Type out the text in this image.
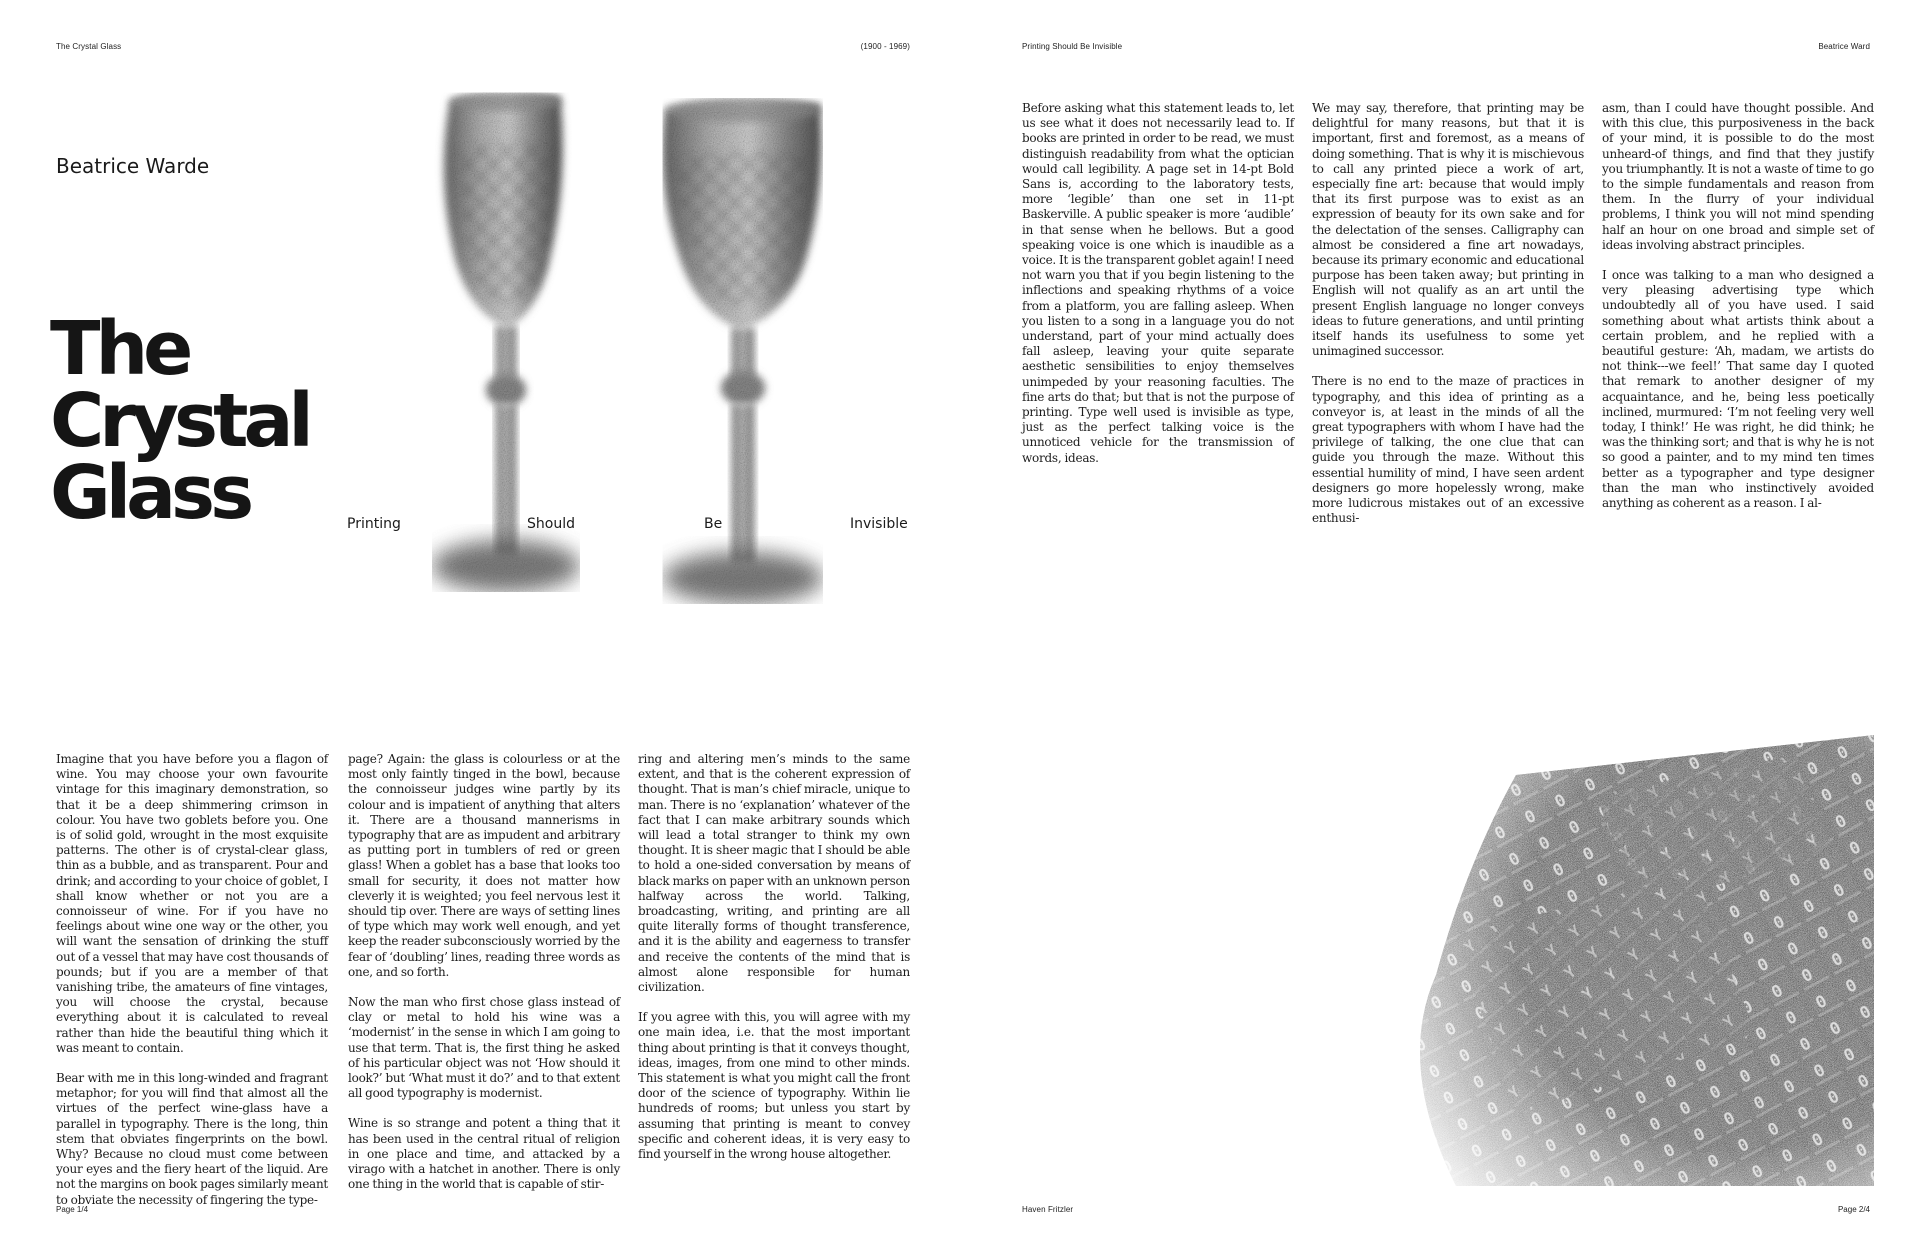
The Crystal Glass	(1900 - 1969)
Beatrice Warde
The
Crystal
Glass	Printing	Should	Be	Invisible

Imagine that you have before you a flagon of wine. You may choose your own favourite vintage for this imaginary demonstration, so that it be a deep shimmering crimson in colour. You have two goblets before you. One is of solid gold, wrought in the most exquisite patterns. The other is of crystal-clear glass, thin as a bubble, and as transparent. Pour and drink; and according to your choice of goblet, I shall know whether or not you are a connoisseur of wine. For if you have no feelings about wine one way or the other, you will want the sensation of drinking the stuff out of a vessel that may have cost thousands of pounds; but if you are a member of that vanishing tribe, the amateurs of fine vintages, you will choose the crystal, because everything about it is calculated to reveal rather than hide the beautiful thing which it was meant to contain.

Bear with me in this long-winded and fragrant metaphor; for you will find that almost all the virtues of the perfect wine-glass have a parallel in typography. There is the long, thin stem that obviates fingerprints on the bowl. Why? Because no cloud must come between your eyes and the fiery heart of the liquid. Are not the margins on book pages similarly meant to obviate the necessity of fingering the type-

page? Again: the glass is colourless or at the most only faintly tinged in the bowl, because the connoisseur judges wine partly by its colour and is impatient of anything that alters it. There are a thousand mannerisms in typography that are as impudent and arbitrary as putting port in tumblers of red or green glass! When a goblet has a base that looks too small for security, it does not matter how cleverly it is weighted; you feel nervous lest it should tip over. There are ways of setting lines of type which may work well enough, and yet keep the reader subconsciously worried by the fear of ‘doubling’ lines, reading three words as one, and so forth.

Now the man who first chose glass instead of clay or metal to hold his wine was a ‘modernist’ in the sense in which I am going to use that term. That is, the first thing he asked of his particular object was not ‘How should it look?’ but ‘What must it do?’ and to that extent all good typography is modernist.

Wine is so strange and potent a thing that it has been used in the central ritual of religion in one place and time, and attacked by a virago with a hatchet in another. There is only one thing in the world that is capable of stir-

ring and altering men’s minds to the same extent, and that is the coherent expression of thought. That is man’s chief miracle, unique to man. There is no ‘explanation’ whatever of the fact that I can make arbitrary sounds which will lead a total stranger to think my own thought. It is sheer magic that I should be able to hold a one-sided conversation by means of black marks on paper with an unknown person halfway across the world. Talking, broadcasting, writing, and printing are all quite literally forms of thought transference, and it is the ability and eagerness to transfer and receive the contents of the mind that is almost alone responsible for human civilization.

If you agree with this, you will agree with my one main idea, i.e. that the most important thing about printing is that it conveys thought, ideas, images, from one mind to other minds. This statement is what you might call the front door of the science of typography. Within lie hundreds of rooms; but unless you start by assuming that printing is meant to convey specific and coherent ideas, it is very easy to find yourself in the wrong house altogether.

Page 1/4
Printing Should Be Invisible	Beatrice Ward

Before asking what this statement leads to, let us see what it does not necessarily lead to. If books are printed in order to be read, we must distinguish readability from what the optician would call legibility. A page set in 14-pt Bold Sans is, according to the laboratory tests, more ‘legible’ than one set in 11-pt Baskerville. A public speaker is more ‘audible’ in that sense when he bellows. But a good speaking voice is one which is inaudible as a voice. It is the transparent goblet again! I need not warn you that if you begin listening to the inflections and speaking rhythms of a voice from a platform, you are falling asleep. When you listen to a song in a language you do not understand, part of your mind actually does fall asleep, leaving your quite separate aesthetic sensibilities to enjoy themselves unimpeded by your reasoning faculties. The fine arts do that; but that is not the purpose of printing. Type well used is invisible as type, just as the perfect talking voice is the unnoticed vehicle for the transmission of words, ideas.

We may say, therefore, that printing may be delightful for many reasons, but that it is important, first and foremost, as a means of doing something. That is why it is mischievous to call any printed piece a work of art, especially fine art: because that would imply that its first purpose was to exist as an expression of beauty for its own sake and for the delectation of the senses. Calligraphy can almost be considered a fine art nowadays, because its primary economic and educational purpose has been taken away; but printing in English will not qualify as an art until the present English language no longer conveys ideas to future generations, and until printing itself hands its usefulness to some yet unimagined successor.

There is no end to the maze of practices in typography, and this idea of printing as a conveyor is, at least in the minds of all the great typographers with whom I have had the privilege of talking, the one clue that can guide you through the maze. Without this essential humility of mind, I have seen ardent designers go more hopelessly wrong, make more ludicrous mistakes out of an excessive enthusi-

asm, than I could have thought possible. And with this clue, this purposiveness in the back of your mind, it is possible to do the most unheard-of things, and find that they justify you triumphantly. It is not a waste of time to go to the simple fundamentals and reason from them. In the flurry of your individual problems, I think you will not mind spending half an hour on one broad and simple set of ideas involving abstract principles.

I once was talking to a man who designed a very pleasing advertising type which undoubtedly all of you have used. I said something about what artists think about a certain problem, and he replied with a beautiful gesture: ‘Ah, madam, we artists do not think---we feel!’ That same day I quoted that remark to another designer of my acquaintance, and he, being less poetically inclined, murmured: ‘I’m not feeling very well today, I think!’ He was right, he did think; he was the thinking sort; and that is why he is not so good a painter, and to my mind ten times better as a typographer and type designer than the man who instinctively avoided anything as coherent as a reason. I al-

Haven Fritzler	Page 2/4
